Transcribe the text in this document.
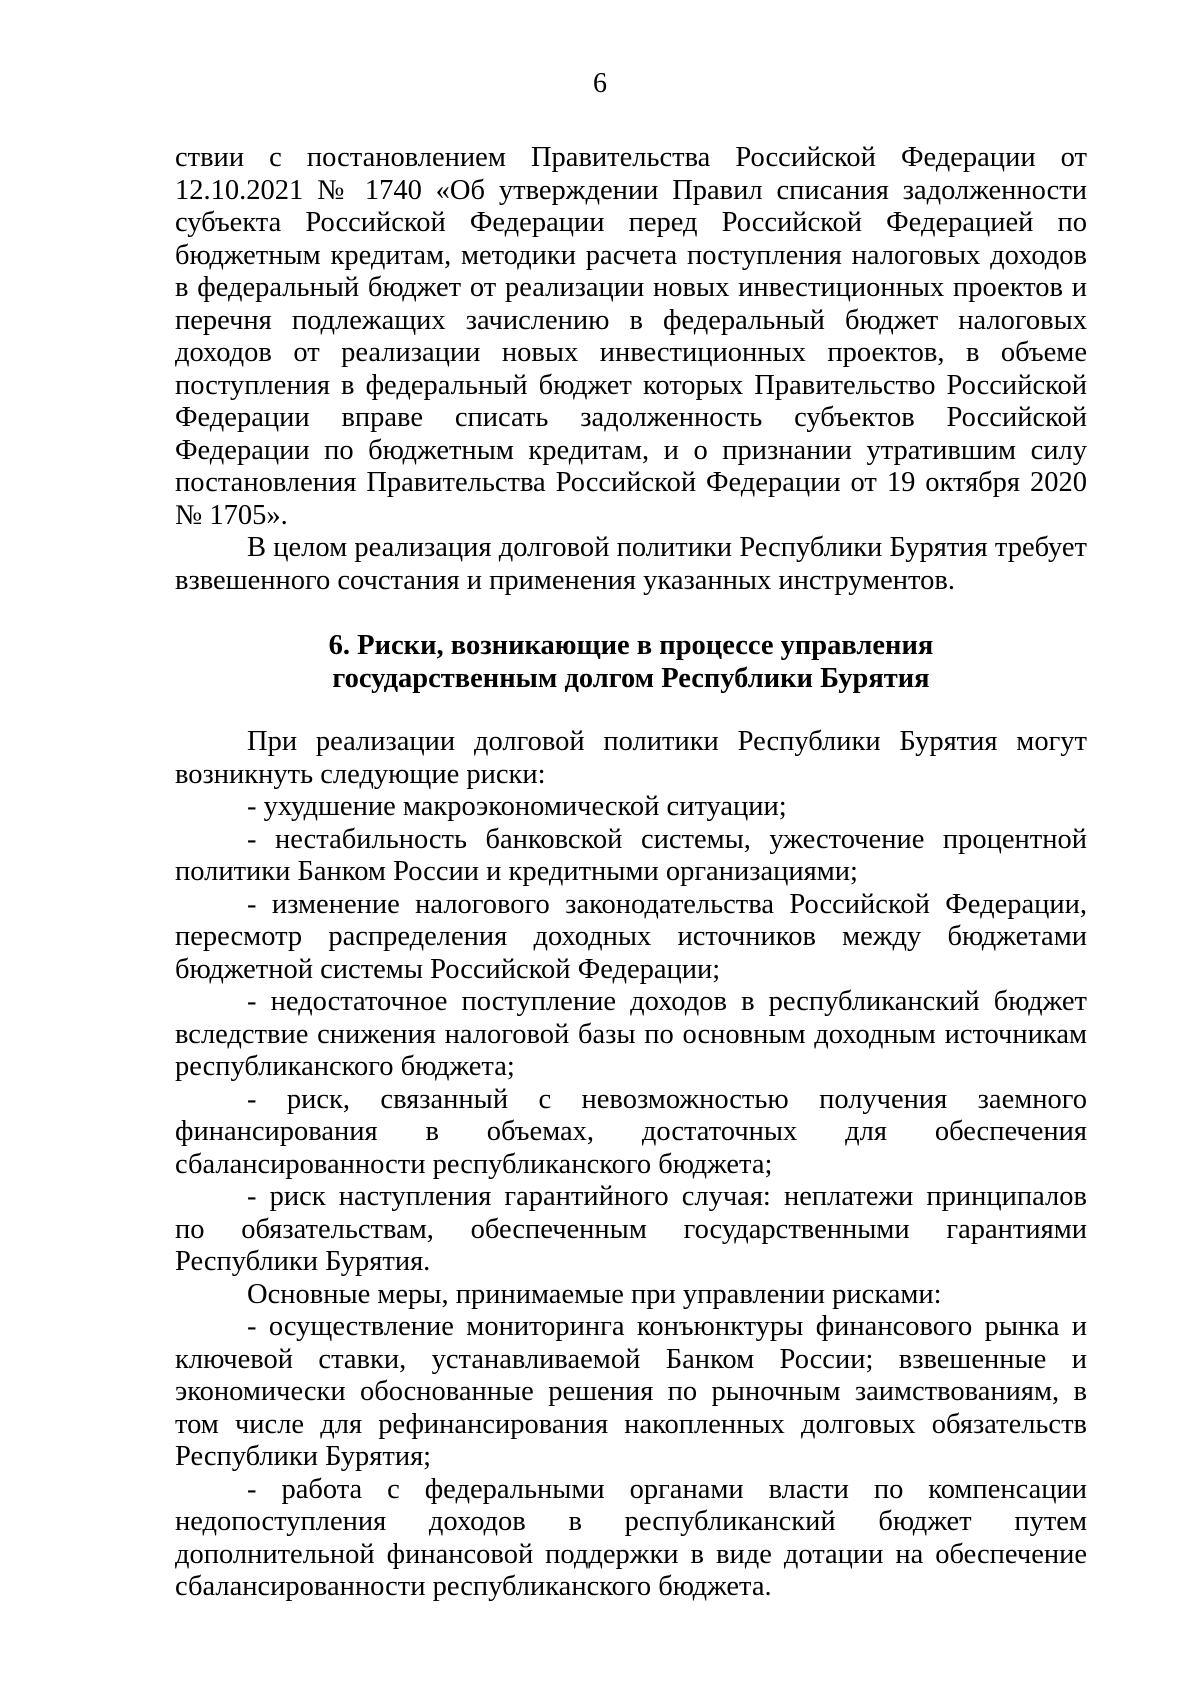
6

ствии с постановлением Правительства Российской Федерации от 12.10.2021 № 1740 «Об утверждении Правил списания задолженности субъекта Российской Федерации перед Российской Федерацией по бюджетным кредитам, методики расчета поступления налоговых доходов в федеральный бюджет от реализации новых инвестиционных проектов и перечня подлежащих зачислению в федеральный бюджет налоговых доходов от реализации новых инвестиционных проектов, в объеме поступления в федеральный бюджет которых Правительство Российской Федерации вправе списать задолженность субъектов Российской Федерации по бюджетным кредитам, и о признании утратившим силу постановления Правительства Российской Федерации от 19 октября 2020 № 1705».

В целом реализация долговой политики Республики Бурятия требует взвешенного сочстания и применения указанных инструментов.

6. Риски, возникающие в процессе управления
государственным долгом Республики Бурятия

При реализации долговой политики Республики Бурятия могут возникнуть следующие риски:

- ухудшение макроэкономической ситуации;

- нестабильность банковской системы, ужесточение процентной политики Банком России и кредитными организациями;

- изменение налогового законодательства Российской Федерации, пересмотр распределения доходных источников между бюджетами бюджетной системы Российской Федерации;

- недостаточное поступление доходов в республиканский бюджет вследствие снижения налоговой базы по основным доходным источникам республиканского бюджета;

- риск, связанный с невозможностью получения заемного финансирования в объемах, достаточных для обеспечения сбалансированности республиканского бюджета;

- риск наступления гарантийного случая: неплатежи принципалов по обязательствам, обеспеченным государственными гарантиями Республики Бурятия.

Основные меры, принимаемые при управлении рисками:

- осуществление мониторинга конъюнктуры финансового рынка и ключевой ставки, устанавливаемой Банком России; взвешенные и экономически обоснованные решения по рыночным заимствованиям, в том числе для рефинансирования накопленных долговых обязательств Республики Бурятия;

- работа с федеральными органами власти по компенсации недопоступления доходов в республиканский бюджет путем дополнительной финансовой поддержки в виде дотации на обеспечение сбалансированности республиканского бюджета.
